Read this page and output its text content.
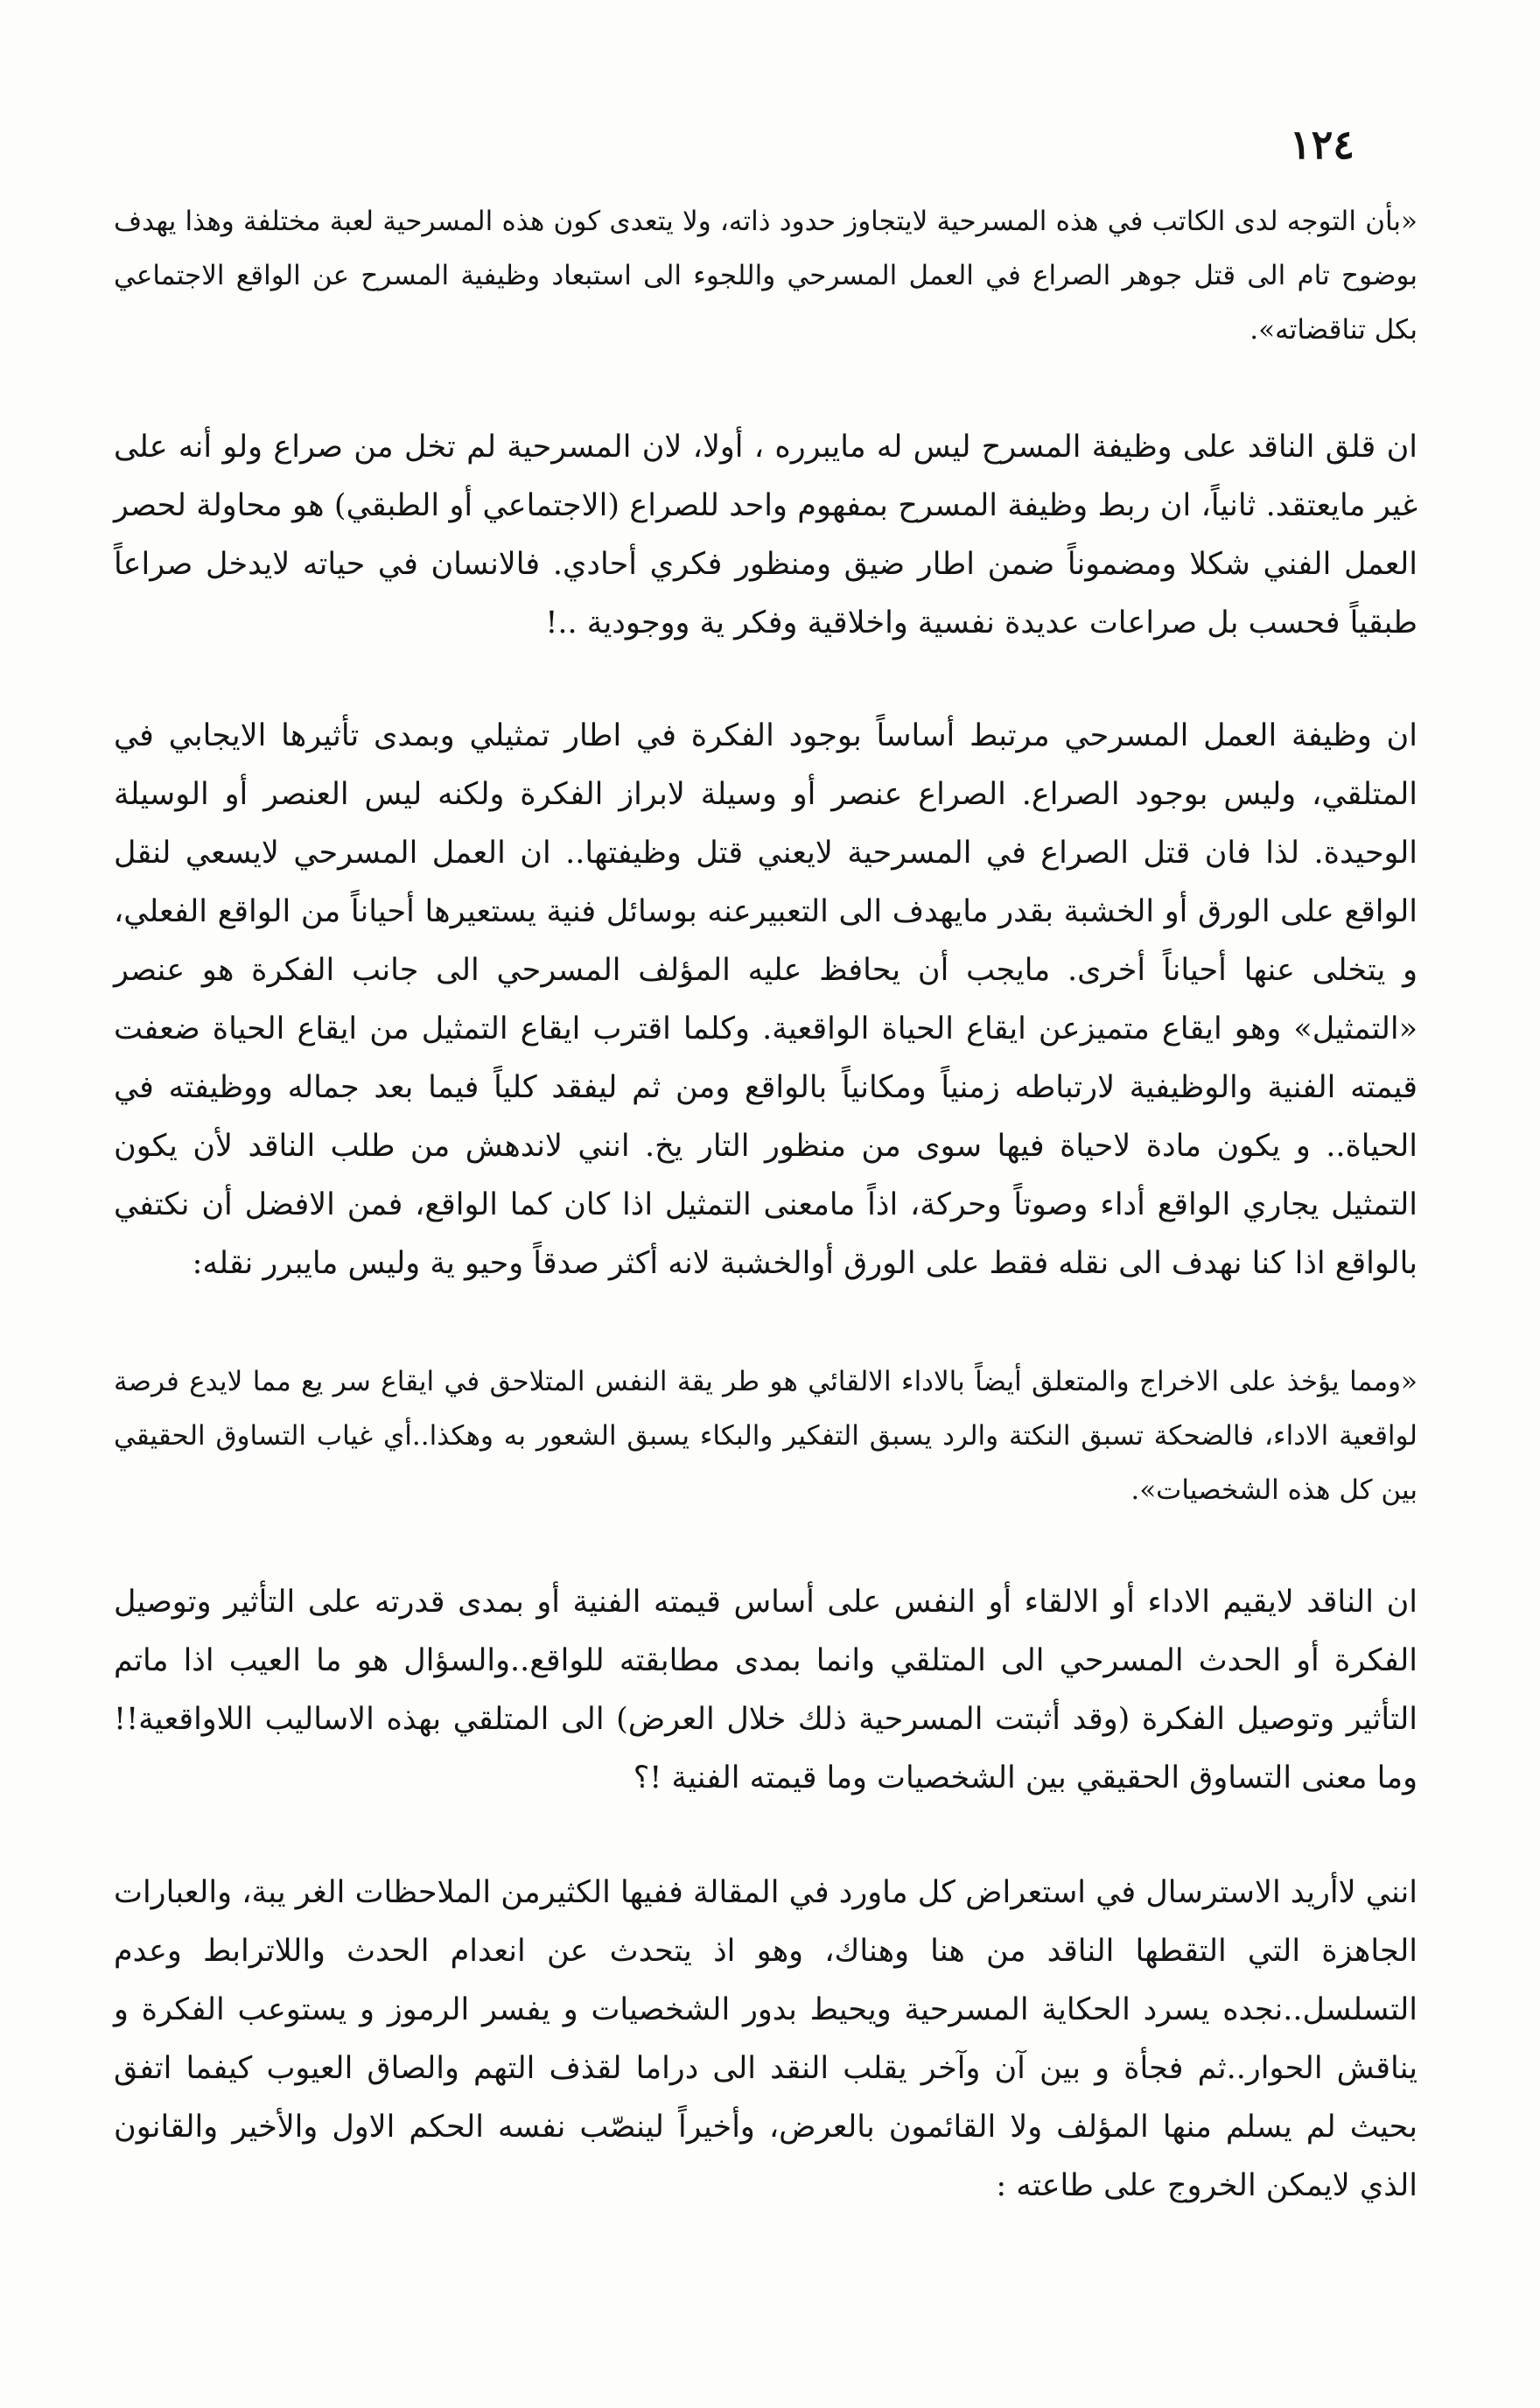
١٢٤

«بأن التوجه لدى الكاتب في هذه المسرحية لايتجاوز حدود ذاته، ولا يتعدى كون هذه المسرحية لعبة مختلفة وهذا يهدف بوضوح تام الى قتل جوهر الصراع في العمل المسرحي واللجوء الى استبعاد وظيفية المسرح عن الواقع الاجتماعي بكل تناقضاته».

ان قلق الناقد على وظيفة المسرح ليس له مايبرره ، أولا، لان المسرحية لم تخل من صراع ولو أنه على غير مايعتقد. ثانياً، ان ربط وظيفة المسرح بمفهوم واحد للصراع (الاجتماعي أو الطبقي) هو محاولة لحصر العمل الفني شكلا ومضموناً ضمن اطار ضيق ومنظور فكري أحادي. فالانسان في حياته لايدخل صراعاً طبقياً فحسب بل صراعات عديدة نفسية واخلاقية وفكر ية ووجودية ..!

ان وظيفة العمل المسرحي مرتبط أساساً بوجود الفكرة في اطار تمثيلي وبمدى تأثيرها الايجابي في المتلقي، وليس بوجود الصراع. الصراع عنصر أو وسيلة لابراز الفكرة ولكنه ليس العنصر أو الوسيلة الوحيدة. لذا فان قتل الصراع في المسرحية لايعني قتل وظيفتها.. ان العمل المسرحي لايسعي لنقل الواقع على الورق أو الخشبة بقدر مايهدف الى التعبيرعنه بوسائل فنية يستعيرها أحياناً من الواقع الفعلي، و يتخلى عنها أحياناً أخرى. مايجب أن يحافظ عليه المؤلف المسرحي الى جانب الفكرة هو عنصر «التمثيل» وهو ايقاع متميزعن ايقاع الحياة الواقعية. وكلما اقترب ايقاع التمثيل من ايقاع الحياة ضعفت قيمته الفنية والوظيفية لارتباطه زمنياً ومكانياً بالواقع ومن ثم ليفقد كلياً فيما بعد جماله ووظيفته في الحياة.. و يكون مادة لاحياة فيها سوى من منظور التار يخ. انني لاندهش من طلب الناقد لأن يكون التمثيل يجاري الواقع أداء وصوتاً وحركة، اذاً مامعنى التمثيل اذا كان كما الواقع، فمن الافضل أن نكتفي بالواقع اذا كنا نهدف الى نقله فقط على الورق أوالخشبة لانه أكثر صدقاً وحيو ية وليس مايبرر نقله:

«ومما يؤخذ على الاخراج والمتعلق أيضاً بالاداء الالقائي هو طر يقة النفس المتلاحق في ايقاع سر يع مما لايدع فرصة لواقعية الاداء، فالضحكة تسبق النكتة والرد يسبق التفكير والبكاء يسبق الشعور به وهكذا..أي غياب التساوق الحقيقي بين كل هذه الشخصيات».

ان الناقد لايقيم الاداء أو الالقاء أو النفس على أساس قيمته الفنية أو بمدى قدرته على التأثير وتوصيل الفكرة أو الحدث المسرحي الى المتلقي وانما بمدى مطابقته للواقع..والسؤال هو ما العيب اذا ماتم التأثير وتوصيل الفكرة (وقد أثبتت المسرحية ذلك خلال العرض) الى المتلقي بهذه الاساليب اللاواقعية!! وما معنى التساوق الحقيقي بين الشخصيات وما قيمته الفنية !؟

انني لاأريد الاسترسال في استعراض كل ماورد في المقالة ففيها الكثيرمن الملاحظات الغر يبة، والعبارات الجاهزة التي التقطها الناقد من هنا وهناك، وهو اذ يتحدث عن انعدام الحدث واللاترابط وعدم التسلسل..نجده يسرد الحكاية المسرحية ويحيط بدور الشخصيات و يفسر الرموز و يستوعب الفكرة و يناقش الحوار..ثم فجأة و بين آن وآخر يقلب النقد الى دراما لقذف التهم والصاق العيوب كيفما اتفق بحيث لم يسلم منها المؤلف ولا القائمون بالعرض، وأخيراً لينصّب نفسه الحكم الاول والأخير والقانون الذي لايمكن الخروج على طاعته :
